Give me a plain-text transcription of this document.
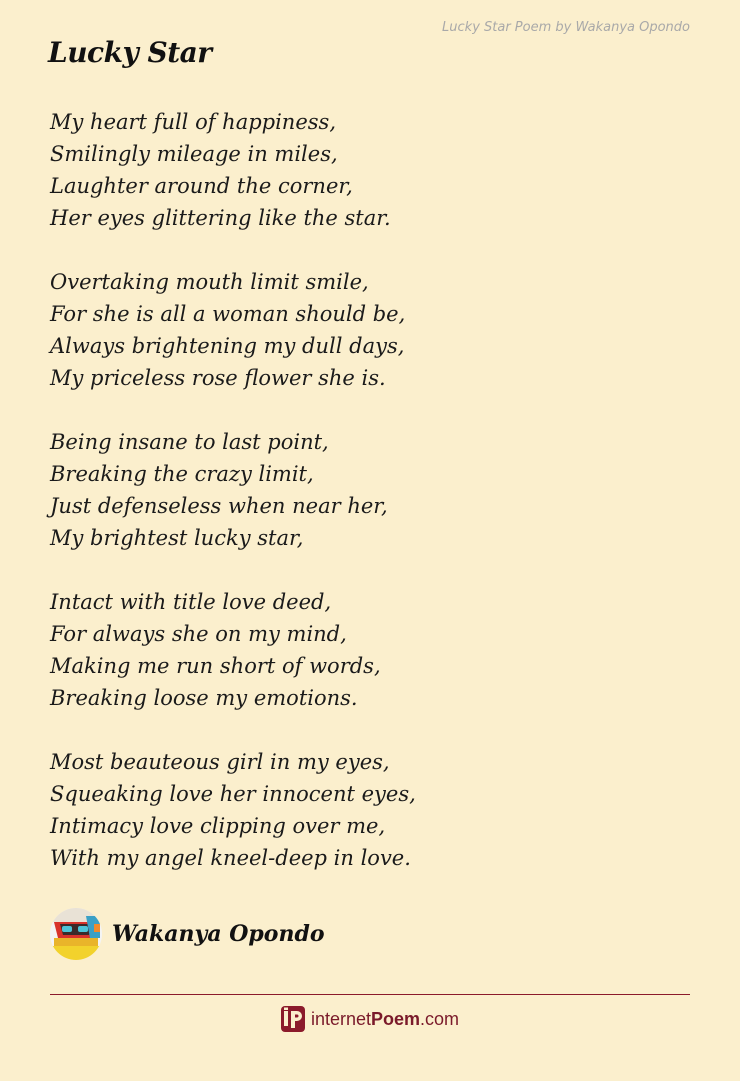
Lucky Star Poem by Wakanya Opondo
Lucky Star
My heart full of happiness,
Smilingly mileage in miles,
Laughter around the corner,
Her eyes glittering like the star.
Overtaking mouth limit smile,
For she is all a woman should be,
Always brightening my dull days,
My priceless rose flower she is.
Being insane to last point,
Breaking the crazy limit,
Just defenseless when near her,
My brightest lucky star,
Intact with title love deed,
For always she on my mind,
Making me run short of words,
Breaking loose my emotions.
Most beauteous girl in my eyes,
Squeaking love her innocent eyes,
Intimacy love clipping over me,
With my angel kneel-deep in love.
Wakanya Opondo
internet Poem .com
